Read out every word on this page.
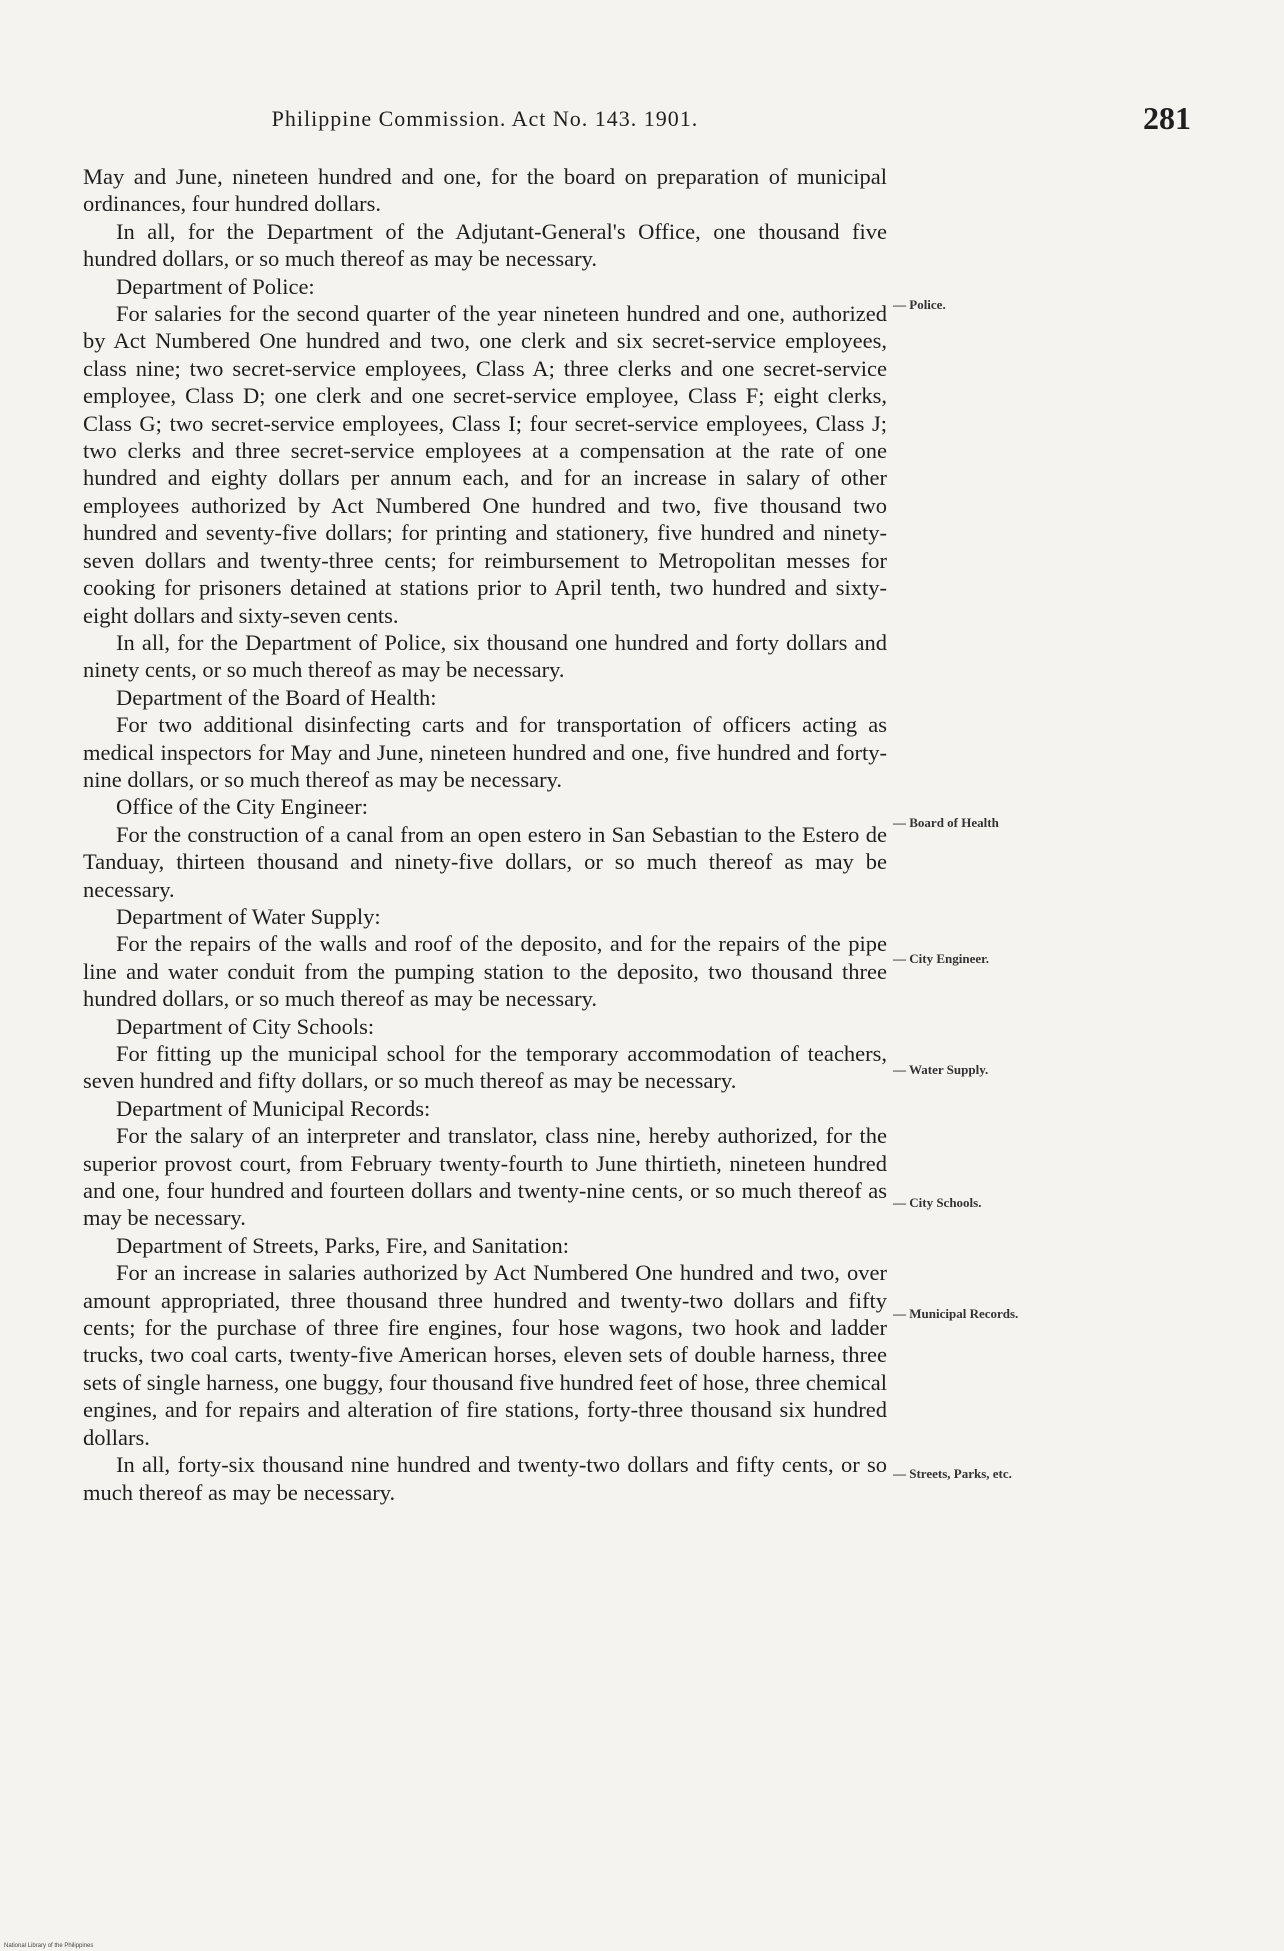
Philippine Commission. Act No. 143. 1901.	281

May and June, nineteen hundred and one, for the board on preparation of municipal ordinances, four hundred dollars.

In all, for the Department of the Adjutant-General's Office, one thousand five hundred dollars, or so much thereof as may be necessary.

Department of Police:

For salaries for the second quarter of the year nineteen hundred and one, authorized by Act Numbered One hundred and two, one clerk and six secret-service employees, class nine; two secret-service employees, Class A; three clerks and one secret-service employee, Class D; one clerk and one secret-service employee, Class F; eight clerks, Class G; two secret-service employees, Class I; four secret-service employees, Class J; two clerks and three secret-service employees at a compensation at the rate of one hundred and eighty dollars per annum each, and for an increase in salary of other employees authorized by Act Numbered One hundred and two, five thousand two hundred and seventy-five dollars; for printing and stationery, five hundred and ninety-seven dollars and twenty-three cents; for reimbursement to Metropolitan messes for cooking for prisoners detained at stations prior to April tenth, two hundred and sixty-eight dollars and sixty-seven cents.

In all, for the Department of Police, six thousand one hundred and forty dollars and ninety cents, or so much thereof as may be necessary.

Department of the Board of Health:

For two additional disinfecting carts and for transportation of officers acting as medical inspectors for May and June, nineteen hundred and one, five hundred and forty-nine dollars, or so much thereof as may be necessary.

Office of the City Engineer:

For the construction of a canal from an open estero in San Sebastian to the Estero de Tanduay, thirteen thousand and ninety-five dollars, or so much thereof as may be necessary.

Department of Water Supply:

For the repairs of the walls and roof of the deposito, and for the repairs of the pipe line and water conduit from the pumping station to the deposito, two thousand three hundred dollars, or so much thereof as may be necessary.

Department of City Schools:

For fitting up the municipal school for the temporary accommodation of teachers, seven hundred and fifty dollars, or so much thereof as may be necessary.

Department of Municipal Records:

For the salary of an interpreter and translator, class nine, hereby authorized, for the superior provost court, from February twenty-fourth to June thirtieth, nineteen hundred and one, four hundred and fourteen dollars and twenty-nine cents, or so much thereof as may be necessary.

Department of Streets, Parks, Fire, and Sanitation:

For an increase in salaries authorized by Act Numbered One hundred and two, over amount appropriated, three thousand three hundred and twenty-two dollars and fifty cents; for the purchase of three fire engines, four hose wagons, two hook and ladder trucks, two coal carts, twenty-five American horses, eleven sets of double harness, three sets of single harness, one buggy, four thousand five hundred feet of hose, three chemical engines, and for repairs and alteration of fire stations, forty-three thousand six hundred dollars.

In all, forty-six thousand nine hundred and twenty-two dollars and fifty cents, or so much thereof as may be necessary.

— Police.
— Board of Health
— City Engineer.
— Water Supply.
— City Schools.
— Municipal Records.
— Streets, Parks, etc.
National Library of the Philippines
